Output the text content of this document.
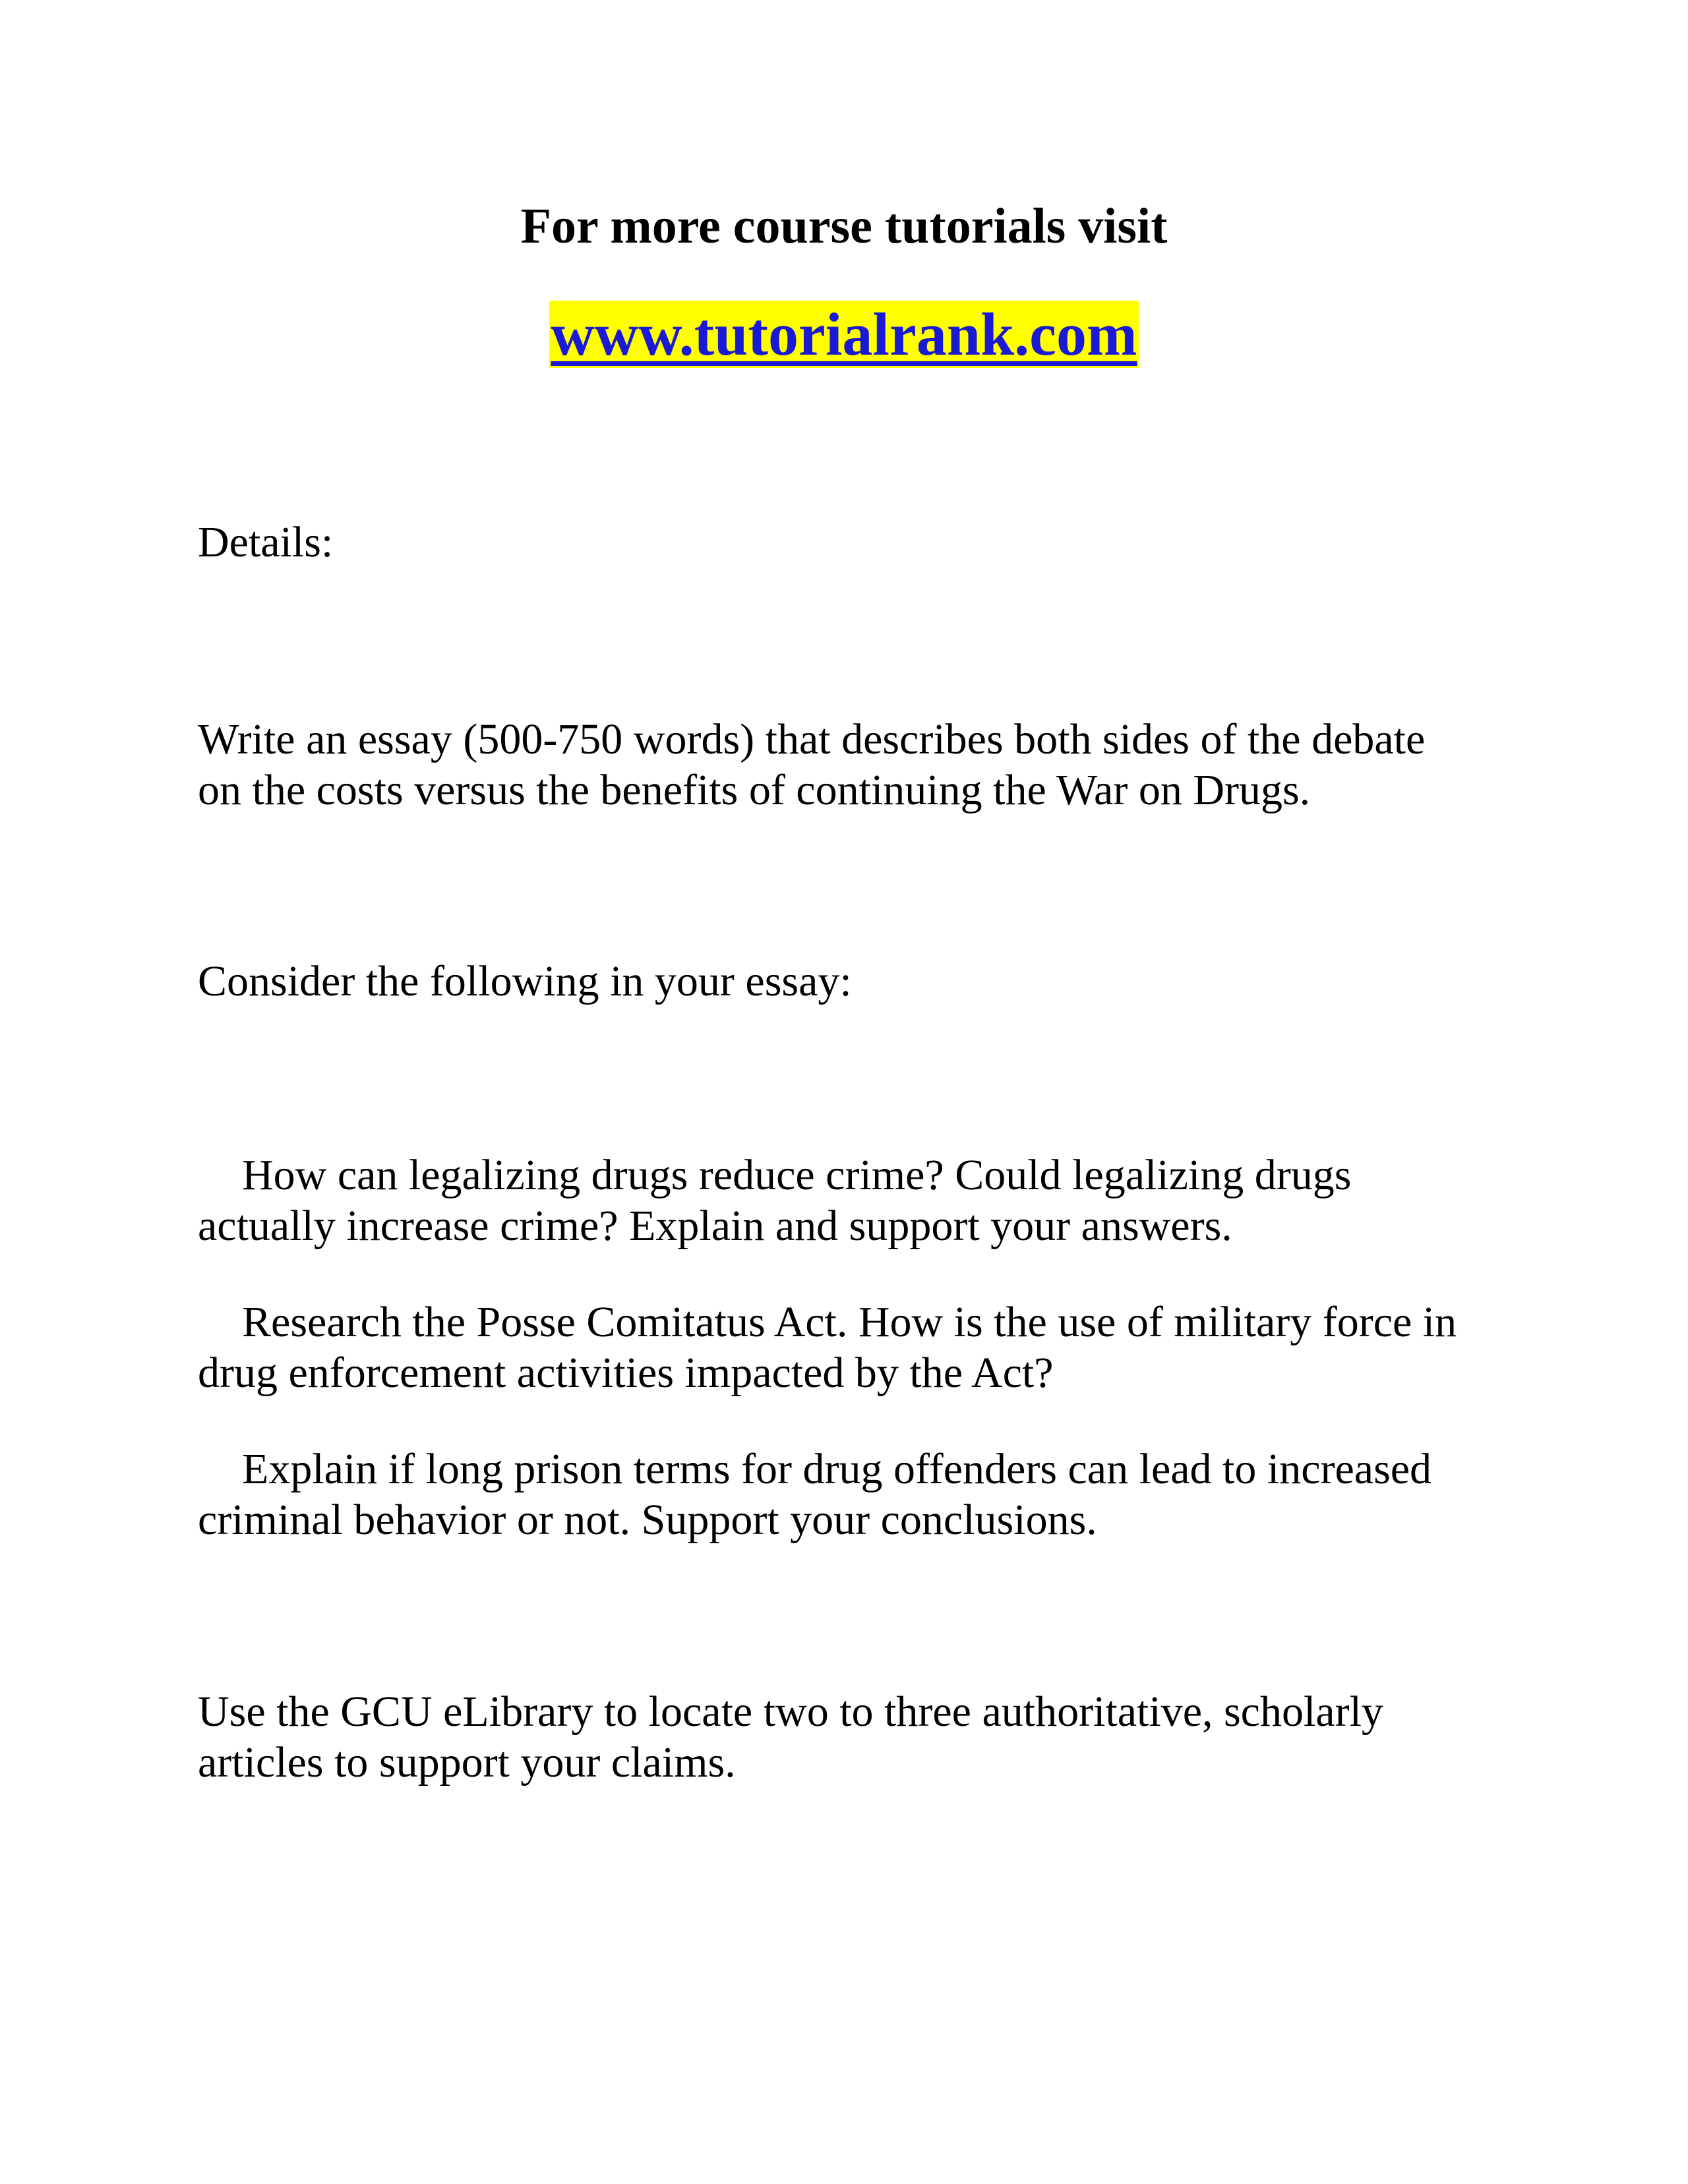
For more course tutorials visit

www.tutorialrank.com

Details:

Write an essay (500-750 words) that describes both sides of the debate
on the costs versus the benefits of continuing the War on Drugs.

Consider the following in your essay:

How can legalizing drugs reduce crime? Could legalizing drugs
actually increase crime? Explain and support your answers.

Research the Posse Comitatus Act. How is the use of military force in
drug enforcement activities impacted by the Act?

Explain if long prison terms for drug offenders can lead to increased
criminal behavior or not. Support your conclusions.

Use the GCU eLibrary to locate two to three authoritative, scholarly
articles to support your claims.
